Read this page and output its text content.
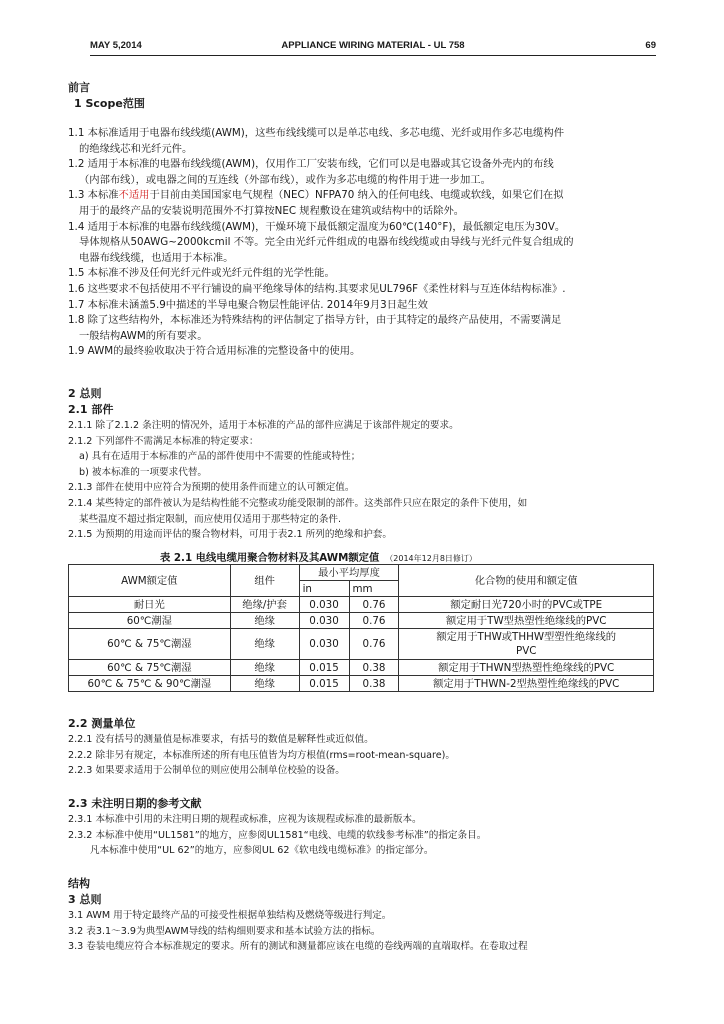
MAY 5,2014	APPLIANCE WIRING MATERIAL - UL 758	69
前言
1 Scope范围
1.1 本标准适用于电器布线线缆(AWM)，这些布线线缆可以是单芯电线、多芯电缆、光纤或用作多芯电缆构件
的绝缘线芯和光纤元件。
1.2 适用于本标准的电器布线线缆(AWM)，仅用作工厂安装布线，它们可以是电器或其它设备外壳内的布线
（内部布线），或电器之间的互连线（外部布线），或作为多芯电缆的构件用于进一步加工。
1.3 本标准不适用于目前由美国国家电气规程（NEC）NFPA70 纳入的任何电线、电缆或软线，如果它们在拟
用于的最终产品的安装说明范围外不打算按NEC 规程敷设在建筑或结构中的话除外。
1.4 适用于本标准的电器布线线缆(AWM)，干燥环境下最低额定温度为60℃(140°F)，最低额定电压为30V。
导体规格从50AWG~2000kcmil 不等。完全由光纤元件组成的电器布线线缆或由导线与光纤元件复合组成的
电器布线线缆，也适用于本标准。
1.5 本标准不涉及任何光纤元件或光纤元件组的光学性能。
1.6 这些要求不包括使用不平行铺设的扁平绝缘导体的结构.其要求见UL796F《柔性材料与互连体结构标准》.
1.7 本标准未涵盖5.9中描述的半导电聚合物层性能评估. 2014年9月3日起生效
1.8 除了这些结构外，本标准还为特殊结构的评估制定了指导方针，由于其特定的最终产品使用，不需要满足
一般结构AWM的所有要求。
1.9 AWM的最终验收取决于符合适用标准的完整设备中的使用。
2 总则
2.1 部件
2.1.1 除了2.1.2 条注明的情况外，适用于本标准的产品的部件应满足于该部件规定的要求。
2.1.2 下列部件不需满足本标准的特定要求：
a) 具有在适用于本标准的产品的部件使用中不需要的性能或特性；
b) 被本标准的一项要求代替。
2.1.3 部件在使用中应符合为预期的使用条件而建立的认可额定值。
2.1.4 某些特定的部件被认为是结构性能不完整或功能受限制的部件。这类部件只应在限定的条件下使用，如
某些温度不超过指定限制，而应使用仅适用于那些特定的条件.
2.1.5 为预期的用途而评估的聚合物材料，可用于表2.1 所列的绝缘和护套。
表 2.1 电线电缆用聚合物材料及其AWM额定值 （2014年12月8日修订）
AWM额定值	组件	最小平均厚度		化合物的使用和额定值
		in	mm	
耐日光	绝缘/护套	0.030	0.76	额定耐日光720小时的PVC或TPE
60℃潮湿	绝缘	0.030	0.76	额定用于TW型热塑性绝缘线的PVC
60℃ & 75℃潮湿	绝缘	0.030	0.76	额定用于THW或THHW型塑性绝缘线的
PVC

60℃ & 75℃潮湿	绝缘	0.015	0.38	额定用于THWN型热塑性绝缘线的PVC
60℃ & 75℃ & 90℃潮湿	绝缘	0.015	0.38	额定用于THWN-2型热塑性绝缘线的PVC
2.2 测量单位
2.2.1 没有括号的测量值是标准要求，有括号的数值是解释性或近似值。
2.2.2 除非另有规定，本标准所述的所有电压值皆为均方根值(rms=root-mean-square)。
2.2.3 如果要求适用于公制单位的则应使用公制单位校验的设备。
2.3 未注明日期的参考文献
2.3.1 本标准中引用的未注明日期的规程或标准，应视为该规程或标准的最新版本。
2.3.2 本标准中使用“UL1581”的地方，应参阅UL1581“电线、电缆的软线参考标准”的指定条目。
凡本标准中使用“UL 62”的地方，应参阅UL 62《软电线电缆标准》的指定部分。
结构
3 总则
3.1 AWM 用于特定最终产品的可接受性根据单独结构及燃烧等级进行判定。
3.2 表3.1～3.9为典型AWM导线的结构细则要求和基本试验方法的指标。
3.3 卷装电缆应符合本标准规定的要求。所有的测试和测量都应该在电缆的卷线两端的直端取样。在卷取过程
